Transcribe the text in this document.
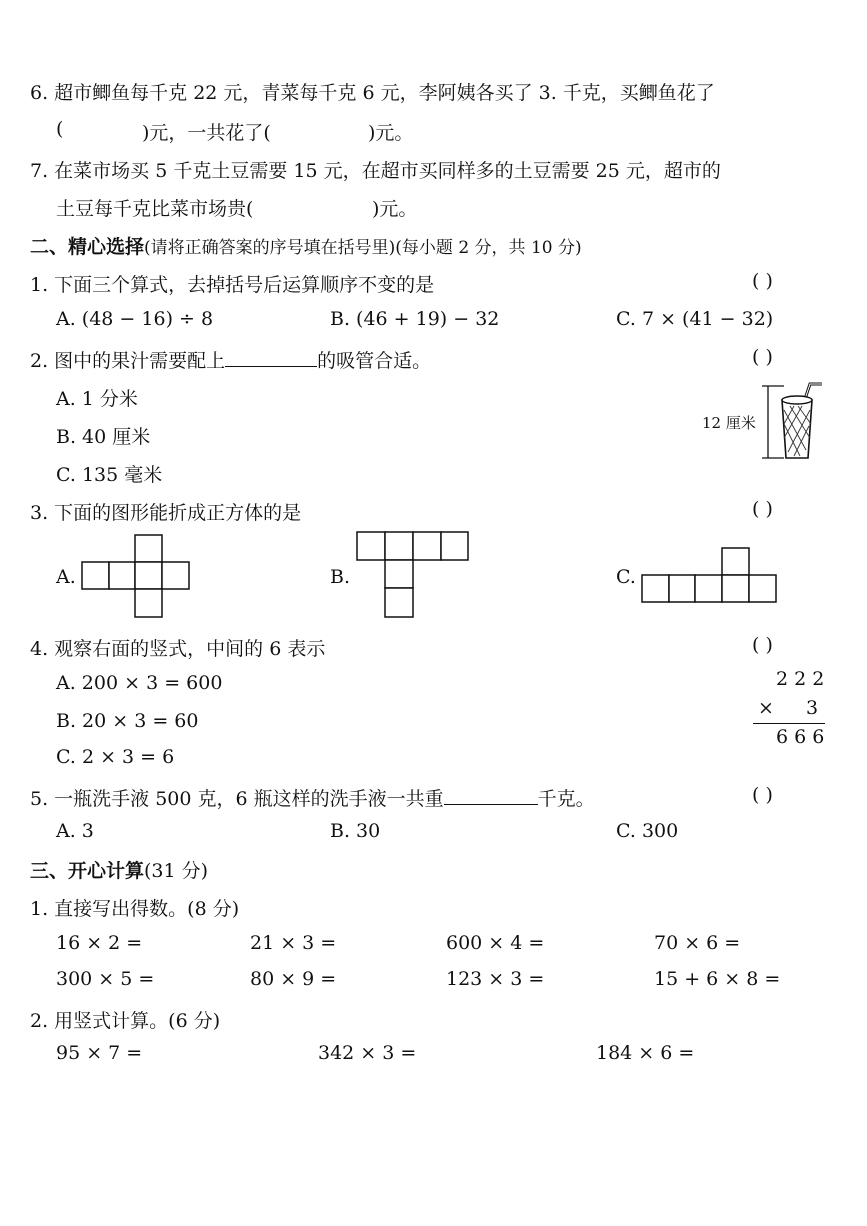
6. 超市鲫鱼每千克 22 元，青菜每千克 6 元，李阿姨各买了 3. 千克，买鲫鱼花了
(	)元，一共花了(	)元。
7. 在菜市场买 5 千克土豆需要 15 元，在超市买同样多的土豆需要 25 元，超市的
土豆每千克比菜市场贵(	)元。
二、精心选择(请将正确答案的序号填在括号里)(每小题 2 分，共 10 分)
1. 下面三个算式，去掉括号后运算顺序不变的是	( )
A. (48 − 16) ÷ 8	B. (46 + 19) − 32	C. 7 × (41 − 32)
2. 图中的果汁需要配上	的吸管合适。	( )
A. 1 分米
B. 40 厘米
C. 135 毫米
12 厘米
3. 下面的图形能折成正方体的是	( )
A.	B.	C.
4. 观察右面的竖式，中间的 6 表示	( )
A. 200 × 3 = 600
B. 20 × 3 = 60
C. 2 × 3 = 6
2 2 2
× 3
6 6 6
5. 一瓶洗手液 500 克，6 瓶这样的洗手液一共重	千克。	( )
A. 3	B. 30	C. 300
三、开心计算(31 分)
1. 直接写出得数。(8 分)
16 × 2 =	21 × 3 =	600 × 4 =	70 × 6 =
300 × 5 =	80 × 9 =	123 × 3 =	15 + 6 × 8 =
2. 用竖式计算。(6 分)
95 × 7 =	342 × 3 =	184 × 6 =
